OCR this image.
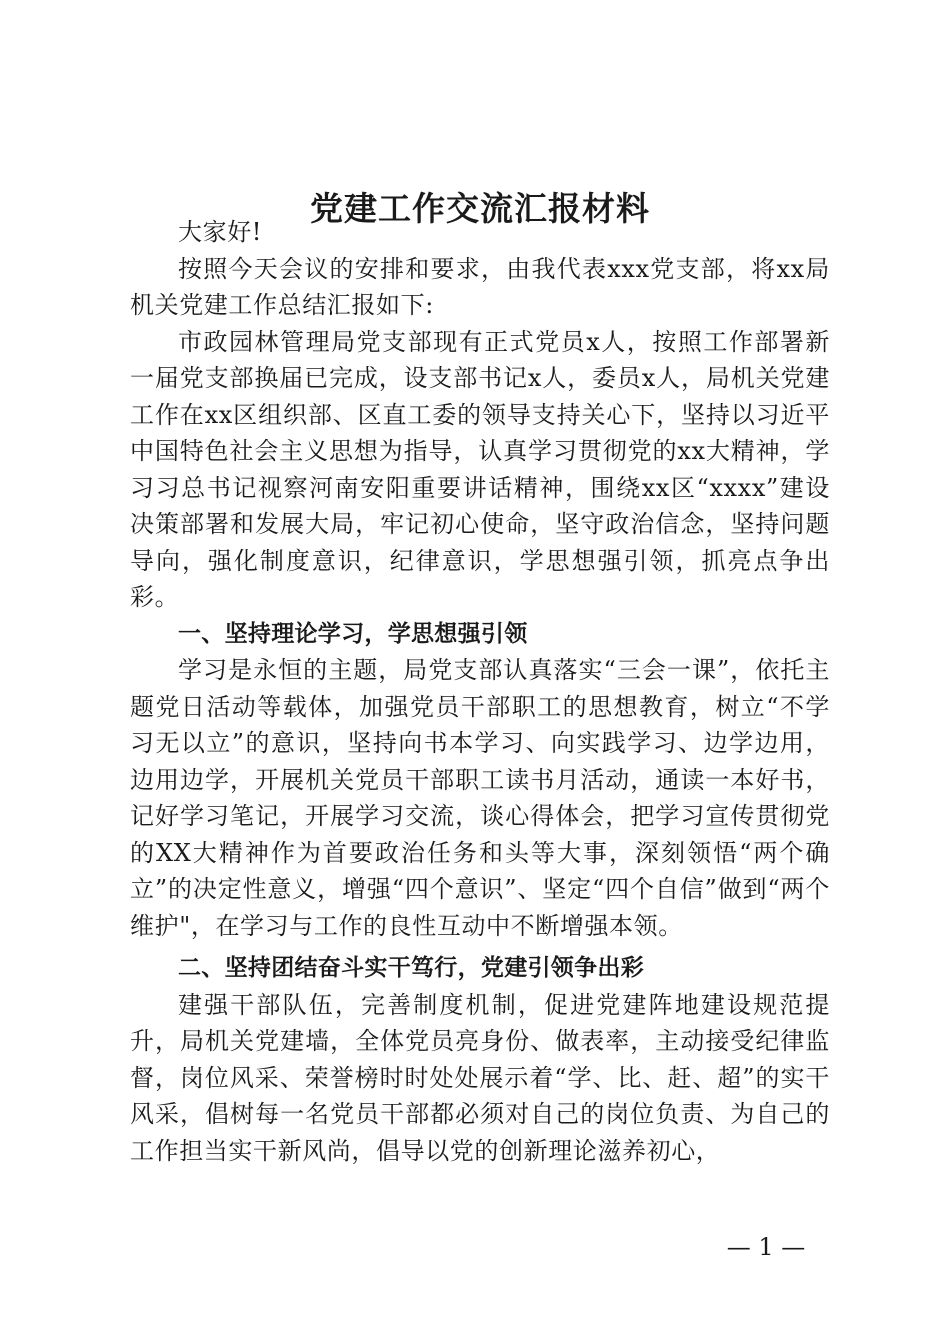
党建工作交流汇报材料

大家好!

按照今天会议的安排和要求，由我代表xxx党支部，将xx局机关党建工作总结汇报如下:

市政园林管理局党支部现有正式党员x人，按照工作部署新一届党支部换届已完成，设支部书记x人，委员x人，局机关党建工作在xx区组织部、区直工委的领导支持关心下，坚持以习近平中国特色社会主义思想为指导，认真学习贯彻党的xx大精神，学习习总书记视察河南安阳重要讲话精神，围绕xx区“xxxx”建设决策部署和发展大局，牢记初心使命，坚守政治信念，坚持问题导向，强化制度意识，纪律意识，学思想强引领，抓亮点争出彩。

一、坚持理论学习，学思想强引领

学习是永恒的主题，局党支部认真落实“三会一课”，依托主题党日活动等载体，加强党员干部职工的思想教育，树立“不学习无以立”的意识，坚持向书本学习、向实践学习、边学边用，边用边学，开展机关党员干部职工读书月活动，通读一本好书，记好学习笔记，开展学习交流，谈心得体会，把学习宣传贯彻党的XX大精神作为首要政治任务和头等大事，深刻领悟“两个确立”的决定性意义，增强“四个意识”、坚定“四个自信”做到“两个维护"，在学习与工作的良性互动中不断增强本领。

二、坚持团结奋斗实干笃行，党建引领争出彩

建强干部队伍，完善制度机制，促进党建阵地建设规范提升，局机关党建墙，全体党员亮身份、做表率，主动接受纪律监督，岗位风采、荣誉榜时时处处展示着“学、比、赶、超”的实干风采，倡树每一名党员干部都必须对自己的岗位负责、为自己的工作担当实干新风尚，倡导以党的创新理论滋养初心，

— 1 —
